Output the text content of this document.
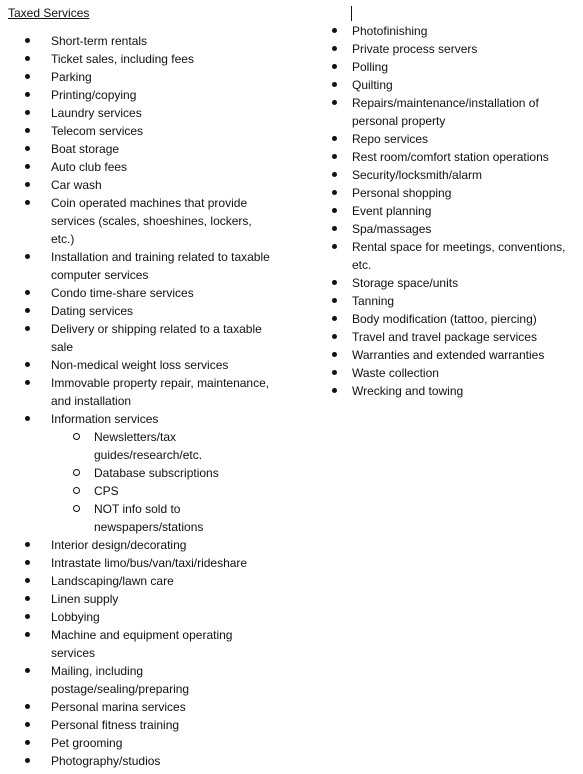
Taxed Services
Short-term rentals
Ticket sales, including fees
Parking
Printing/copying
Laundry services
Telecom services
Boat storage
Auto club fees
Car wash
Coin operated machines that provide services (scales, shoeshines, lockers, etc.)
Installation and training related to taxable computer services
Condo time-share services
Dating services
Delivery or shipping related to a taxable sale
Non-medical weight loss services
Immovable property repair, maintenance, and installation
Information services
Newsletters/tax guides/research/etc.
Database subscriptions
CPS
NOT info sold to newspapers/stations
Interior design/decorating
Intrastate limo/bus/van/taxi/rideshare
Landscaping/lawn care
Linen supply
Lobbying
Machine and equipment operating services
Mailing, including postage/sealing/preparing
Personal marina services
Personal fitness training
Pet grooming
Photography/studios
Photofinishing
Private process servers
Polling
Quilting
Repairs/maintenance/installation of personal property
Repo services
Rest room/comfort station operations
Security/locksmith/alarm
Personal shopping
Event planning
Spa/massages
Rental space for meetings, conventions, etc.
Storage space/units
Tanning
Body modification (tattoo, piercing)
Travel and travel package services
Warranties and extended warranties
Waste collection
Wrecking and towing
